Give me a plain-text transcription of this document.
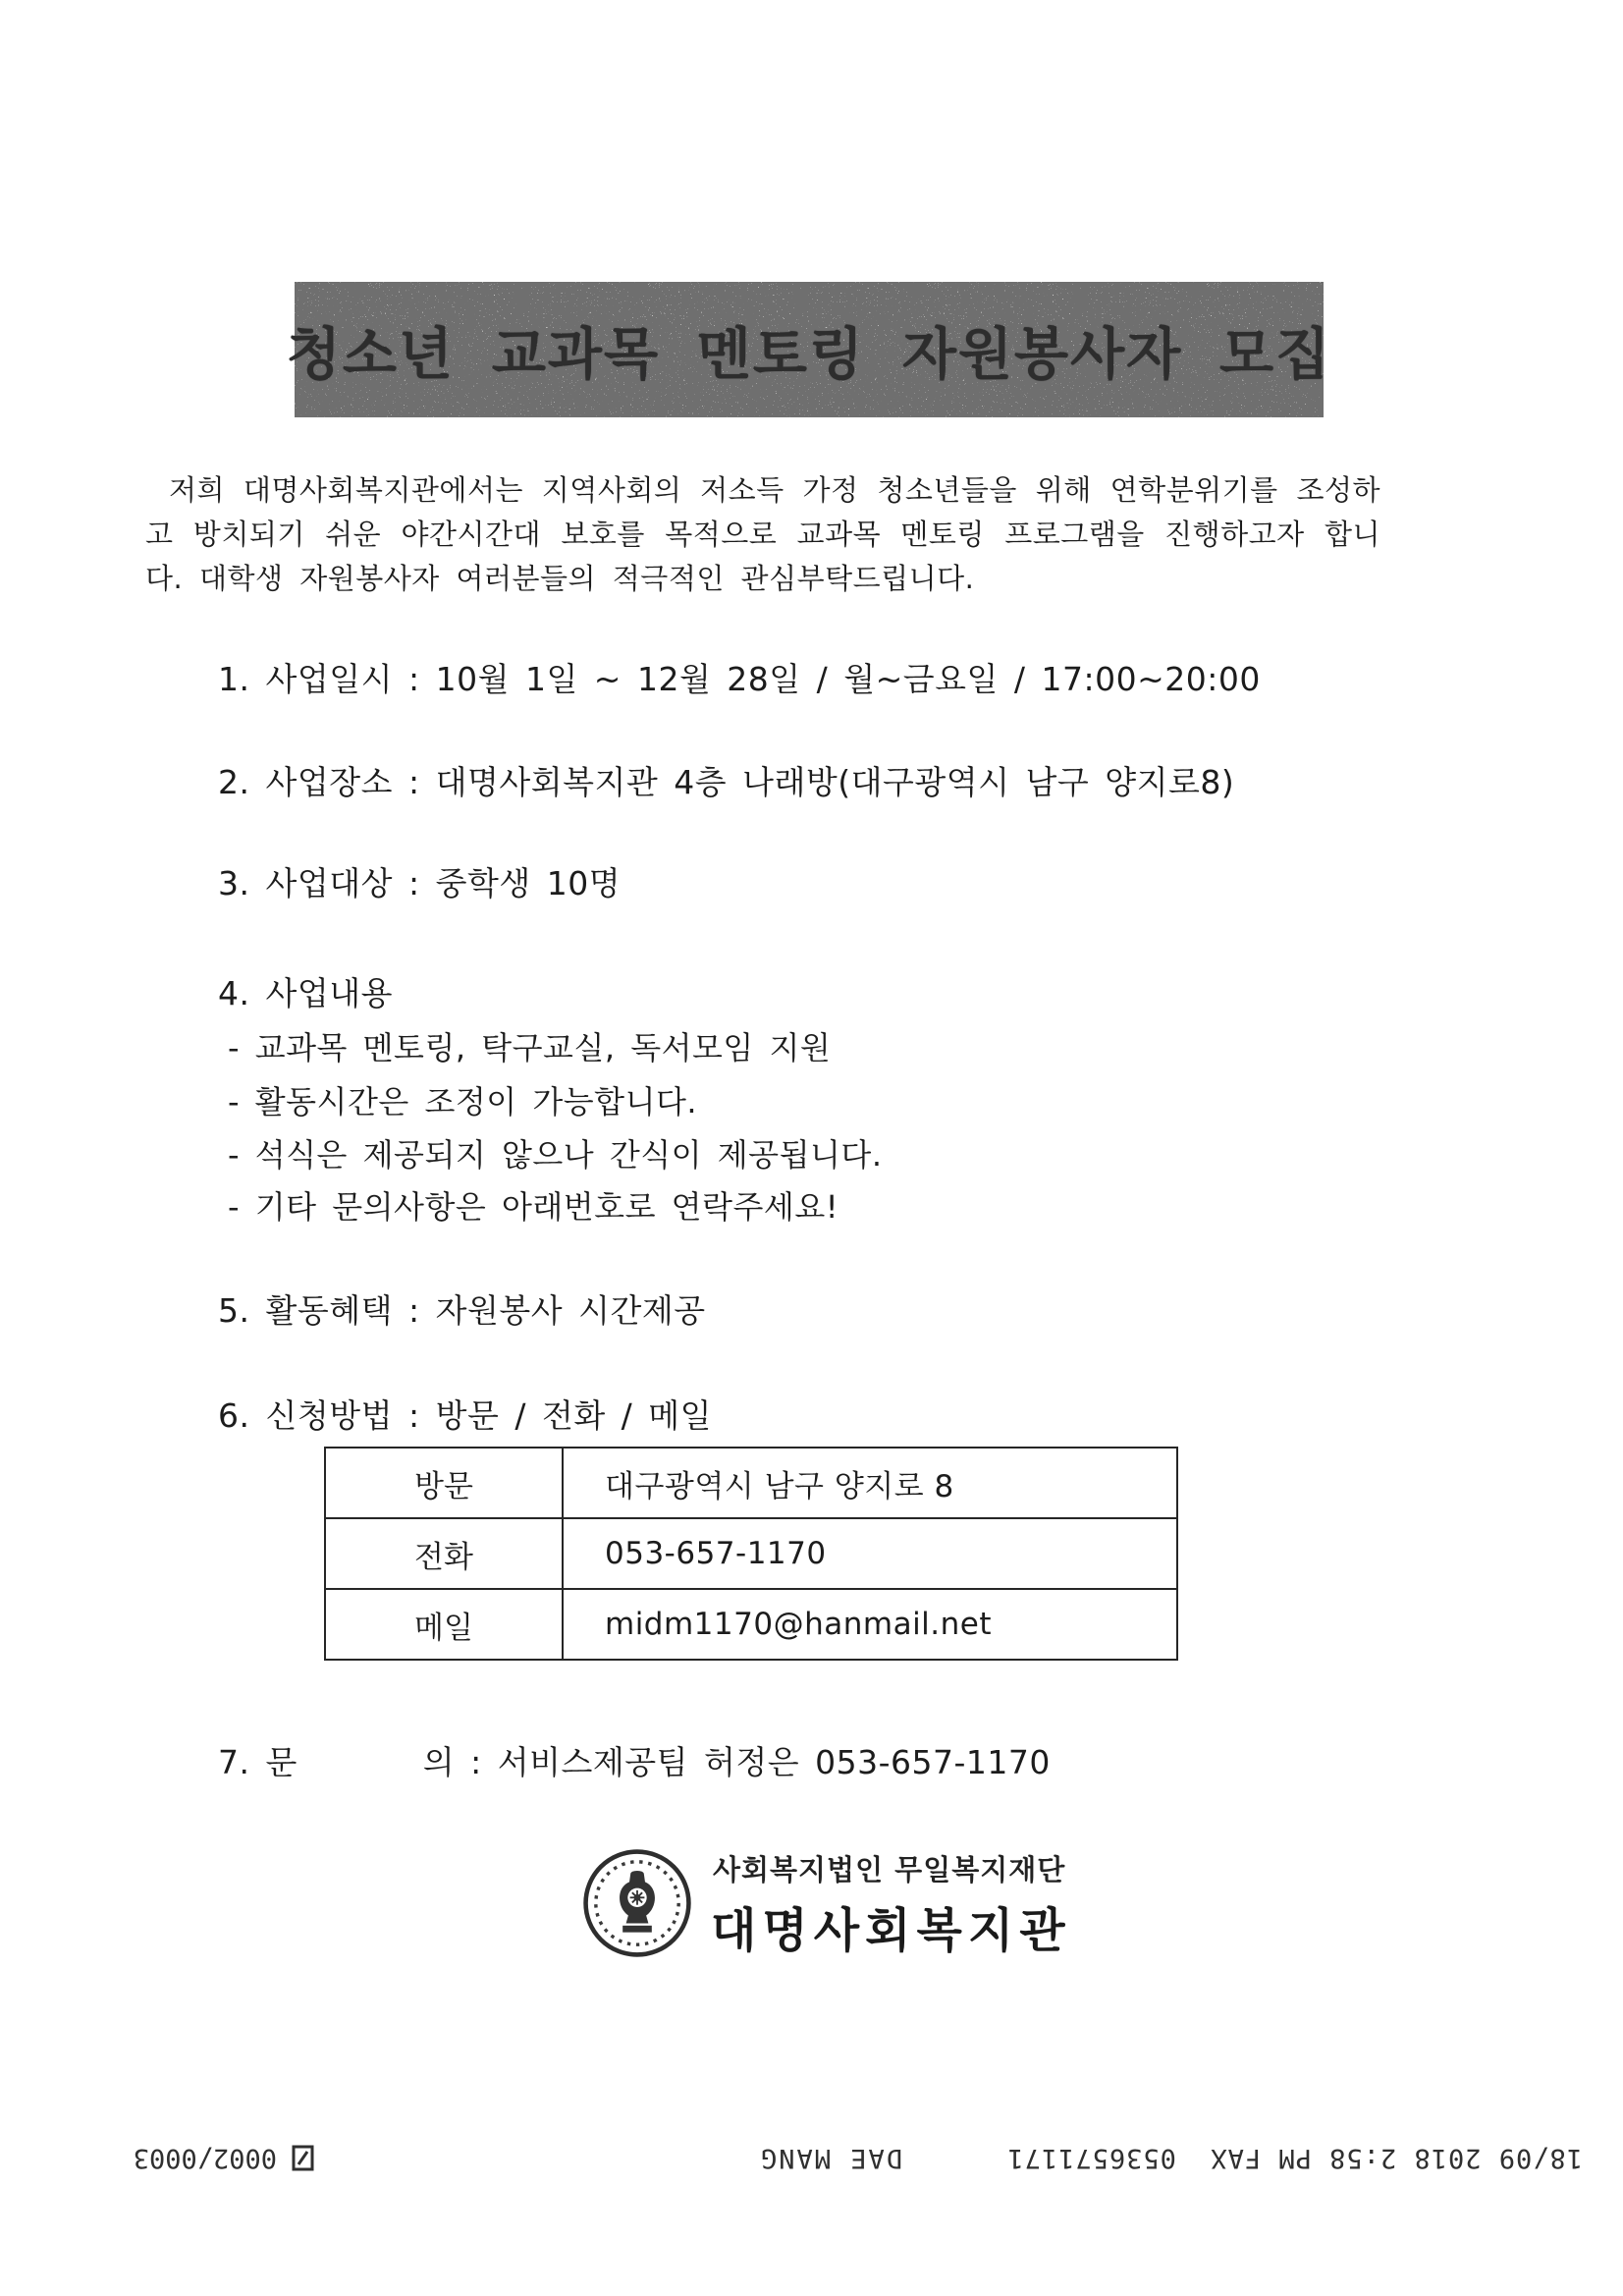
청소년 교과목 멘토링 자원봉사자 모집

저희 대명사회복지관에서는 지역사회의 저소득 가정 청소년들을 위해 연학분위기를 조성하고 방치되기 쉬운 야간시간대 보호를 목적으로 교과목 멘토링 프로그램을 진행하고자 합니다. 대학생 자원봉사자 여러분들의 적극적인 관심부탁드립니다.

1. 사업일시 : 10월 1일 ~ 12월 28일 / 월~금요일 / 17:00~20:00
2. 사업장소 : 대명사회복지관 4층 나래방(대구광역시 남구 양지로8)
3. 사업대상 : 중학생 10명
4. 사업내용
- 교과목 멘토링, 탁구교실, 독서모임 지원
- 활동시간은 조정이 가능합니다.
- 석식은 제공되지 않으나 간식이 제공됩니다.
- 기타 문의사항은 아래번호로 연락주세요!
5. 활동혜택 : 자원봉사 시간제공
6. 신청방법 : 방문 / 전화 / 메일
방문	대구광역시 남구 양지로 8
전화	053-657-1170
메일	midm1170@hanmail.net
7. 문        의 : 서비스제공팀 허정은 053-657-1170
사회복지법인 무일복지재단
대명사회복지관
0002/0003	DAE MANG	18/09 2018 2:58 PM FAX  0536571171
